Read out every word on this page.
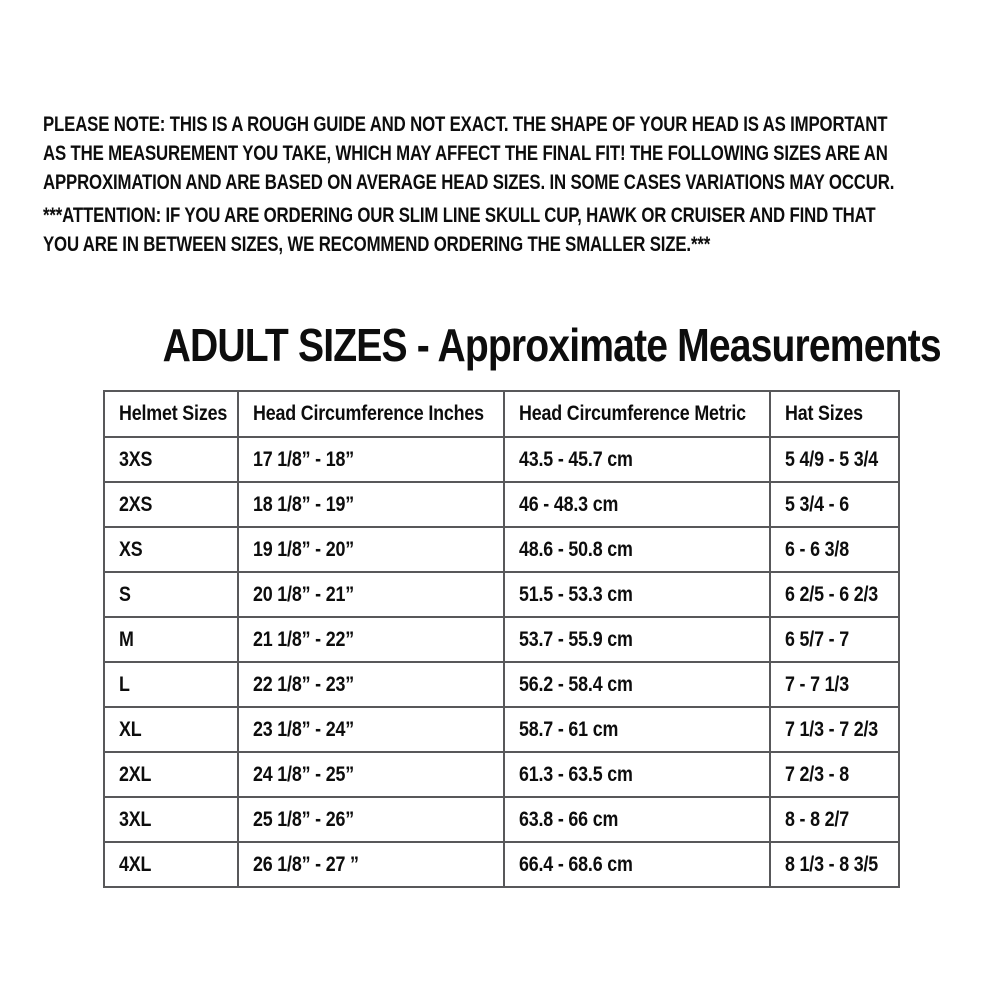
PLEASE NOTE: THIS IS A ROUGH GUIDE AND NOT EXACT. THE SHAPE OF YOUR HEAD IS AS IMPORTANT
AS THE MEASUREMENT YOU TAKE, WHICH MAY AFFECT THE FINAL FIT! THE FOLLOWING SIZES ARE AN
APPROXIMATION AND ARE BASED ON AVERAGE HEAD SIZES. IN SOME CASES VARIATIONS MAY OCCUR.

***ATTENTION: IF YOU ARE ORDERING OUR SLIM LINE SKULL CUP, HAWK OR CRUISER AND FIND THAT
YOU ARE IN BETWEEN SIZES, WE RECOMMEND ORDERING THE SMALLER SIZE.***

ADULT SIZES - Approximate Measurements
Helmet Sizes	Head Circumference Inches	Head Circumference Metric	Hat Sizes
3XS	17 1/8” - 18”	43.5 - 45.7 cm	5 4/9 - 5 3/4
2XS	18 1/8” - 19”	46 - 48.3 cm	5 3/4 - 6
XS	19 1/8” - 20”	48.6 - 50.8 cm	6 - 6 3/8
S	20 1/8” - 21”	51.5 - 53.3 cm	6 2/5 - 6 2/3
M	21 1/8” - 22”	53.7 - 55.9 cm	6 5/7 - 7
L	22 1/8” - 23”	56.2 - 58.4 cm	7 - 7 1/3
XL	23 1/8” - 24”	58.7 - 61 cm	7 1/3 - 7 2/3
2XL	24 1/8” - 25”	61.3 - 63.5 cm	7 2/3 - 8
3XL	25 1/8” - 26”	63.8 - 66 cm	8 - 8 2/7
4XL	26 1/8” - 27 ”	66.4 - 68.6 cm	8 1/3 - 8 3/5
